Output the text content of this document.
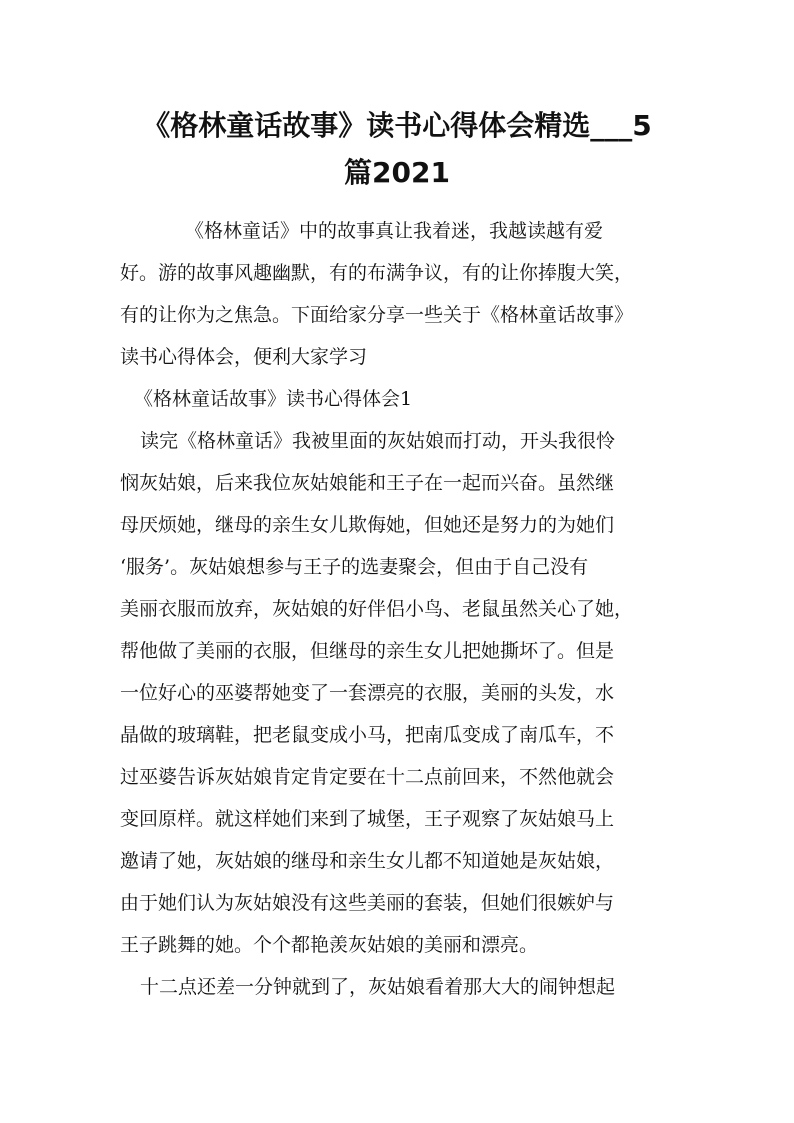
《格林童话故事》读书心得体会精选___5
篇2021

《格林童话》中的故事真让我着迷，我越读越有爱

好。游的故事风趣幽默，有的布满争议，有的让你捧腹大笑，

有的让你为之焦急。下面给家分享一些关于《格林童话故事》

读书心得体会，便利大家学习

《格林童话故事》读书心得体会1

读完《格林童话》我被里面的灰姑娘而打动，开头我很怜

悯灰姑娘，后来我位灰姑娘能和王子在一起而兴奋。虽然继

母厌烦她，继母的亲生女儿欺侮她，但她还是努力的为她们

‘服务’。灰姑娘想参与王子的选妻聚会，但由于自己没有

美丽衣服而放弃，灰姑娘的好伴侣小鸟、老鼠虽然关心了她，

帮他做了美丽的衣服，但继母的亲生女儿把她撕坏了。但是

一位好心的巫婆帮她变了一套漂亮的衣服，美丽的头发，水

晶做的玻璃鞋，把老鼠变成小马，把南瓜变成了南瓜车，不

过巫婆告诉灰姑娘肯定肯定要在十二点前回来，不然他就会

变回原样。就这样她们来到了城堡，王子观察了灰姑娘马上

邀请了她，灰姑娘的继母和亲生女儿都不知道她是灰姑娘，

由于她们认为灰姑娘没有这些美丽的套装，但她们很嫉妒与

王子跳舞的她。个个都艳羡灰姑娘的美丽和漂亮。

十二点还差一分钟就到了，灰姑娘看着那大大的闹钟想起
